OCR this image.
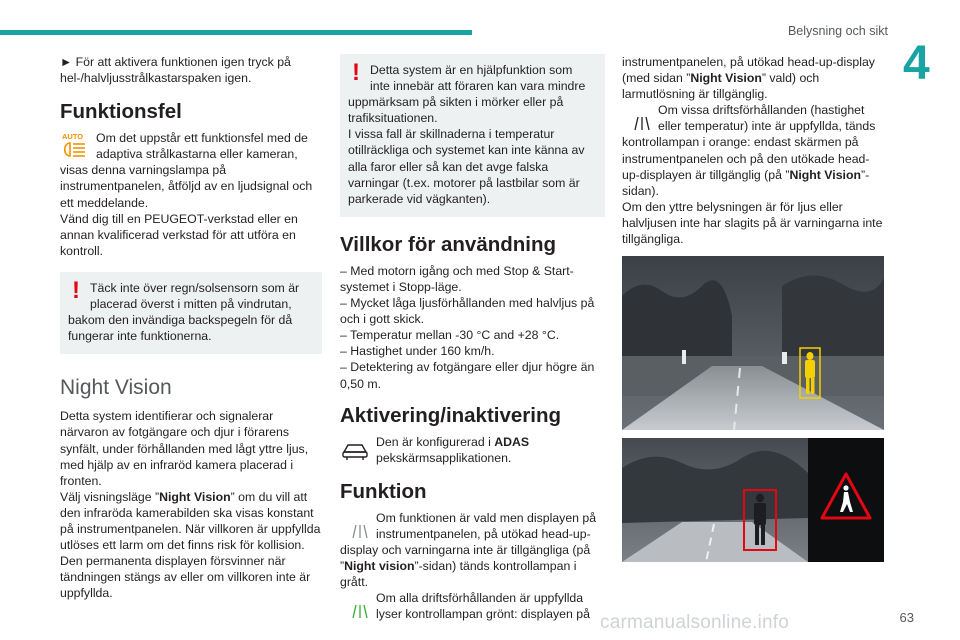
Belysning och sikt
4
63
carmanualsonline.info

► För att aktivera funktionen igen tryck på hel-/halvljusstrålkastarspaken igen.

Funktionsfel
AUTO	Om det uppstår ett funktionsfel med de adaptiva strålkastarna eller kameran, visas denna varningslampa på instrumentpanelen, åtföljd av en ljudsignal och ett meddelande.

Vänd dig till en PEUGEOT-verkstad eller en annan kvalificerad verkstad för att utföra en kontroll.

! Täck inte över regn/solsensorn som är placerad överst i mitten på vindrutan, bakom den invändiga backspegeln för då fungerar inte funktionerna.

Night Vision

Detta system identifierar och signalerar närvaron av fotgängare och djur i förarens synfält, under förhållanden med lågt yttre ljus, med hjälp av en infraröd kamera placerad i fronten.

Välj visningsläge ”Night Vision” om du vill att den infraröda kamerabilden ska visas konstant på instrumentpanelen. När villkoren är uppfyllda utlöses ett larm om det finns risk för kollision.

Den permanenta displayen försvinner när tändningen stängs av eller om villkoren inte är uppfyllda.

! Detta system är en hjälpfunktion som inte innebär att föraren kan vara mindre uppmärksam på sikten i mörker eller på trafiksituationen.

I vissa fall är skillnaderna i temperatur otillräckliga och systemet kan inte känna av alla faror eller så kan det avge falska varningar (t.ex. motorer på lastbilar som är parkerade vid vägkanten).

Villkor för användning

– Med motorn igång och med Stop & Start-systemet i Stopp-läge.

– Mycket låga ljusförhållanden med halvljus på och i gott skick.

– Temperatur mellan -30 °C and +28 °C.

– Hastighet under 160 km/h.

– Detektering av fotgängare eller djur högre än 0,50 m.

Aktivering/inaktivering

Den är konfigurerad i ADAS pekskärmsapplikationen.

Funktion

Om funktionen är vald men displayen på instrumentpanelen, på utökad head-up-display och varningarna inte är tillgängliga (på ”Night vision”-sidan) tänds kontrollampan i grått.

Om alla driftsförhållanden är uppfyllda lyser kontrollampan grönt: displayen på

instrumentpanelen, på utökad head-up-display (med sidan ”Night Vision” vald) och larmutlösning är tillgänglig.

Om vissa driftsförhållanden (hastighet eller temperatur) inte är uppfyllda, tänds kontrollampan i orange: endast skärmen på instrumentpanelen och på den utökade head-up-displayen är tillgänglig (på ”Night Vision”-sidan).

Om den yttre belysningen är för ljus eller halvljusen inte har slagits på är varningarna inte tillgängliga.
